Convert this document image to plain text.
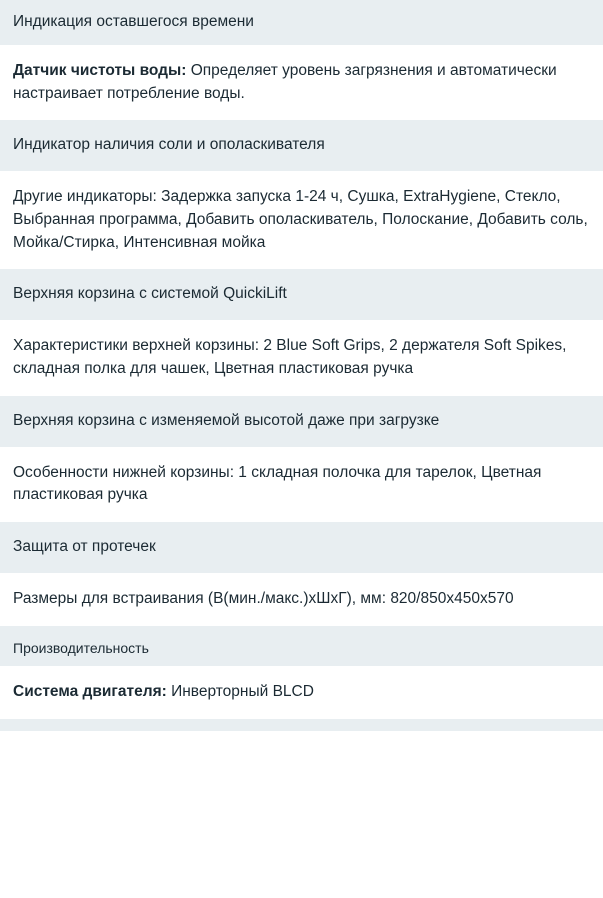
Индикация оставшегося времени
Датчик чистоты воды: Определяет уровень загрязнения и автоматически настраивает потребление воды.
Индикатор наличия соли и ополаскивателя
Другие индикаторы: Задержка запуска 1-24 ч, Сушка, ExtraHygiene, Стекло, Выбранная программа, Добавить ополаскиватель, Полоскание, Добавить соль, Мойка/Стирка, Интенсивная мойка
Верхняя корзина с системой QuickiLift
Характеристики верхней корзины: 2 Blue Soft Grips, 2 держателя Soft Spikes, складная полка для чашек, Цветная пластиковая ручка
Верхняя корзина с изменяемой высотой даже при загрузке
Особенности нижней корзины: 1 складная полочка для тарелок, Цветная пластиковая ручка
Защита от протечек
Размеры для встраивания (В(мин./макс.)хШхГ), мм: 820/850x450x570
Производительность
Система двигателя: Инверторный BLCD
